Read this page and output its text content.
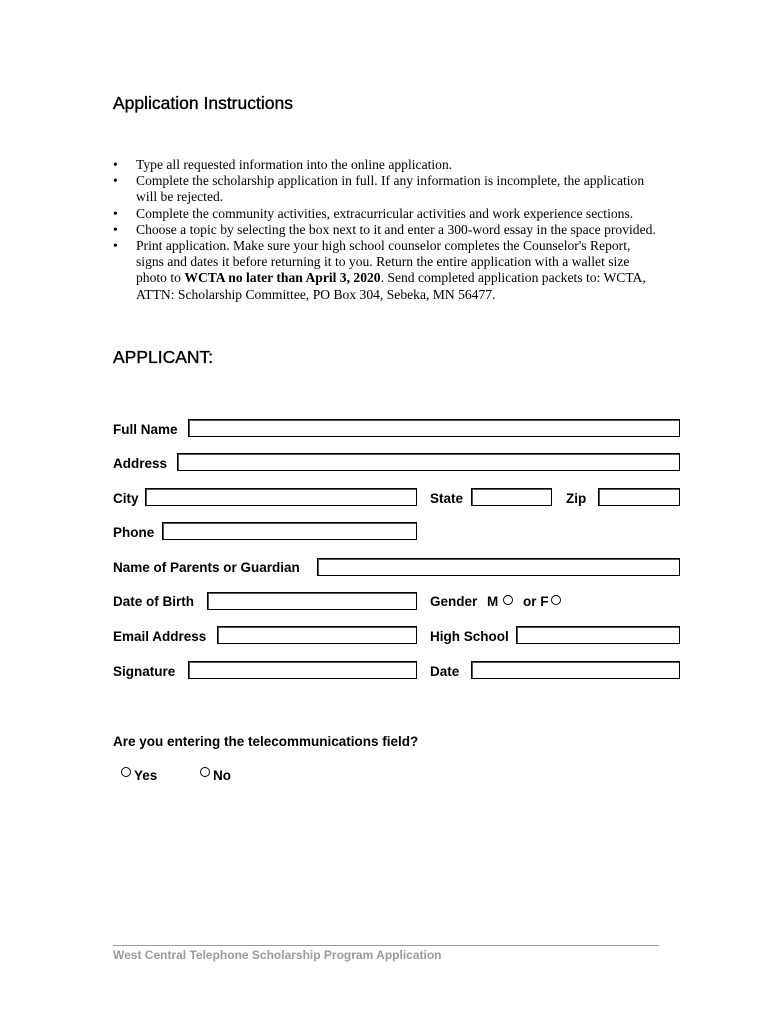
Application Instructions
• Type all requested information into the online application.
• Complete the scholarship application in full. If any information is incomplete, the application will be rejected.
• Complete the community activities, extracurricular activities and work experience sections.
• Choose a topic by selecting the box next to it and enter a 300-word essay in the space provided.
• Print application. Make sure your high school counselor completes the Counselor's Report, signs and dates it before returning it to you. Return the entire application with a wallet size photo to WCTA no later than April 3, 2020. Send completed application packets to: WCTA, ATTN: Scholarship Committee, PO Box 304, Sebeka, MN 56477.
APPLICANT:
Full Name
Address
City	State	Zip
Phone
Name of Parents or Guardian
Date of Birth	Gender M or F
Email Address	High School
Signature	Date
Are you entering the telecommunications field?
Yes	No
West Central Telephone Scholarship Program Application
